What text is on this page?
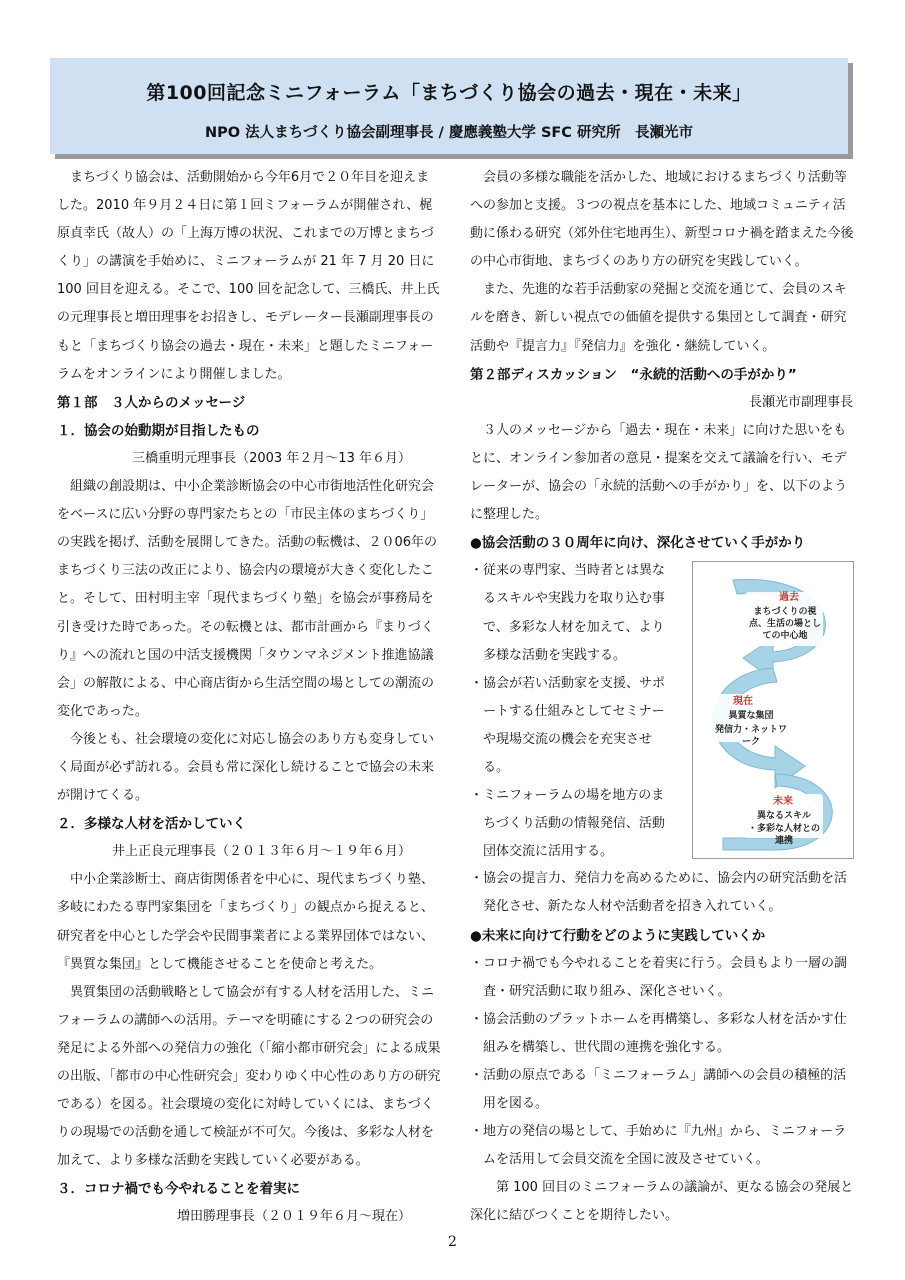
第100回記念ミニフォーラム「まちづくり協会の過去・現在・未来」
NPO 法人まちづくり協会副理事長 / 慶應義塾大学 SFC 研究所　長瀬光市

まちづくり協会は、活動開始から今年6月で２０年目を迎えました。2010 年９月２４日に第１回ミフォーラムが開催され、梶原貞幸氏（故人）の「上海万博の状況、これまでの万博とまちづくり」の講演を手始めに、ミニフォーラムが 21 年 7 月 20 日に 100 回目を迎える。そこで、100 回を記念して、三橋氏、井上氏の元理事長と増田理事をお招きし、モデレーター長瀬副理事長のもと「まちづくり協会の過去・現在・未来」と題したミニフォーラムをオンラインにより開催しました。

第１部　３人からのメッセージ

１．協会の始動期が目指したもの

三橋重明元理事長（2003 年２月～13 年６月）

組織の創設期は、中小企業診断協会の中心市街地活性化研究会をベースに広い分野の専門家たちとの「市民主体のまちづくり」の実践を掲げ、活動を展開してきた。活動の転機は、２０06年のまちづくり三法の改正により、協会内の環境が大きく変化したこと。そして、田村明主宰「現代まちづくり塾」を協会が事務局を引き受けた時であった。その転機とは、都市計画から『まりづくり』への流れと国の中活支援機関「タウンマネジメント推進協議会」の解散による、中心商店街から生活空間の場としての潮流の変化であった。

今後とも、社会環境の変化に対応し協会のあり方も変身していく局面が必ず訪れる。会員も常に深化し続けることで協会の未来が開けてくる。

２．多様な人材を活かしていく

井上正良元理事長（２０１３年６月～１９年６月）

中小企業診断士、商店街関係者を中心に、現代まちづくり塾、多岐にわたる専門家集団を「まちづくり」の観点から捉えると、研究者を中心とした学会や民間事業者による業界団体ではない、『異質な集団』として機能させることを使命と考えた。

異質集団の活動戦略として協会が有する人材を活用した、ミニフォーラムの講師への活用。テーマを明確にする２つの研究会の発足による外部への発信力の強化（「縮小都市研究会」による成果の出版、「都市の中心性研究会」変わりゆく中心性のあり方の研究である）を図る。社会環境の変化に対峙していくには、まちづくりの現場での活動を通して検証が不可欠。今後は、多彩な人材を加えて、より多様な活動を実践していく必要がある。

３．コロナ禍でも今やれることを着実に

増田勝理事長（２０１９年６月～現在）

会員の多様な職能を活かした、地域におけるまちづくり活動等への参加と支援。３つの視点を基本にした、地域コミュニティ活動に係わる研究（郊外住宅地再生）、新型コロナ禍を踏まえた今後の中心市街地、まちづくのあり方の研究を実践していく。

また、先進的な若手活動家の発掘と交流を通じて、会員のスキルを磨き、新しい視点での価値を提供する集団として調査・研究活動や『提言力』『発信力』を強化・継続していく。

第２部ディスカッション　“永続的活動への手がかり”

長瀬光市副理事長

３人のメッセージから「過去・現在・未来」に向けた思いをもとに、オンライン参加者の意見・提案を交えて議論を行い、モデレーターが、協会の「永続的活動への手がかり」を、以下のように整理した。

●協会活動の３０周年に向け、深化させていく手がかり

・従来の専門家、当時者とは異なるスキルや実践力を取り込む事で、多彩な人材を加えて、より多様な活動を実践する。

・協会が若い活動家を支援、サポートする仕組みとしてセミナーや現場交流の機会を充実させる。

・ミニフォーラムの場を地方のまちづくり活動の情報発信、活動団体交流に活用する。

過去
まちづくりの視点、生活の場としての中心地
現在
異質な集団
発信力・ネットワーク
未来
異なるスキル
・多彩な人材との連携

・協会の提言力、発信力を高めるために、協会内の研究活動を活発化させ、新たな人材や活動者を招き入れていく。

●未来に向けて行動をどのように実践していくか

・コロナ禍でも今やれることを着実に行う。会員もより一層の調査・研究活動に取り組み、深化させいく。

・協会活動のプラットホームを再構築し、多彩な人材を活かす仕組みを構築し、世代間の連携を強化する。

・活動の原点である「ミニフォーラム」講師への会員の積極的活用を図る。

・地方の発信の場として、手始めに『九州』から、ミニフォーラムを活用して会員交流を全国に波及させていく。

第 100 回目のミニフォーラムの議論が、更なる協会の発展と深化に結びつくことを期待したい。

2
